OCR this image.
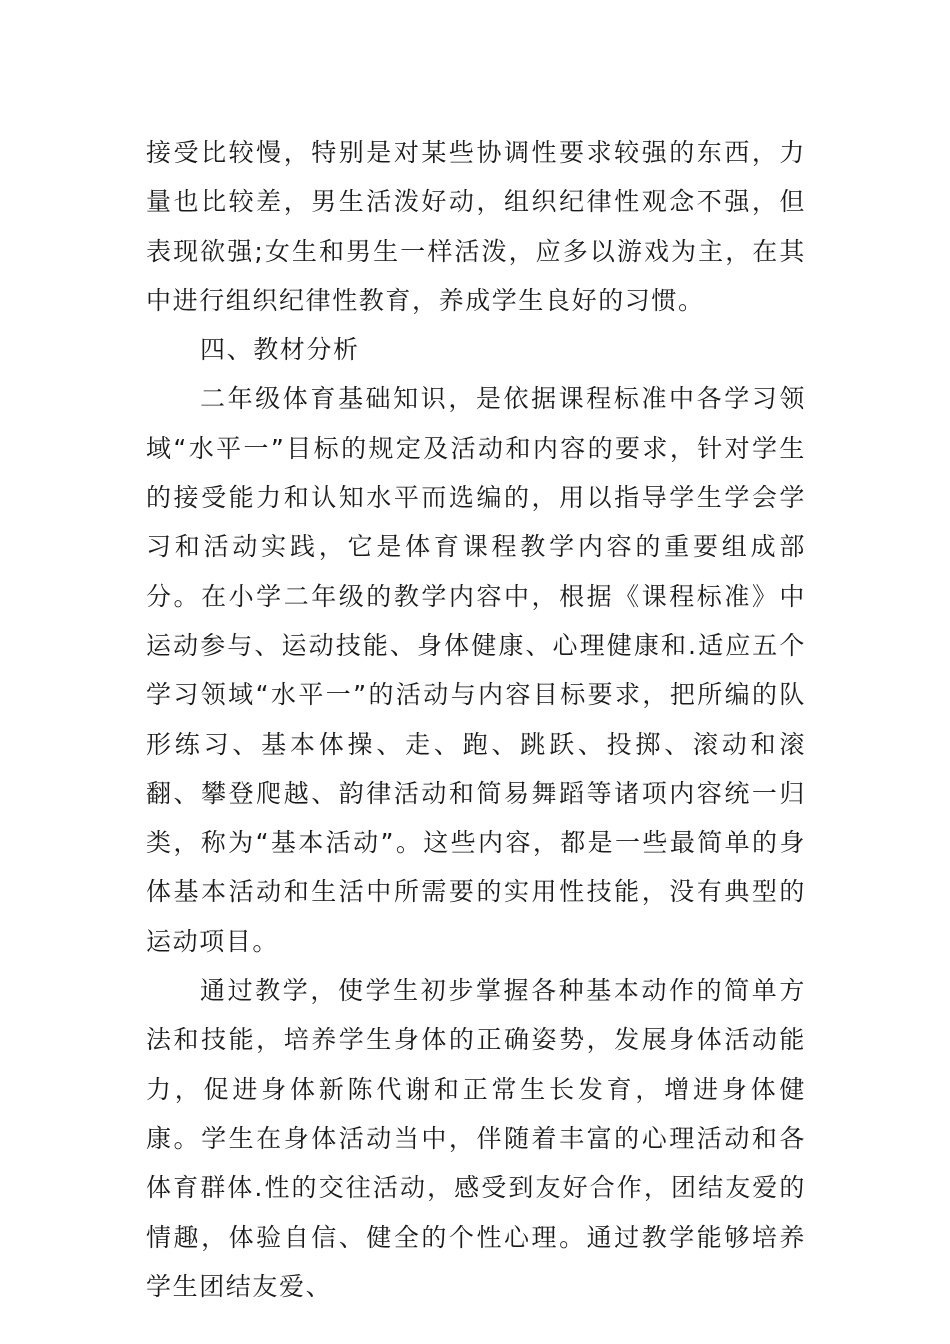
接受比较慢，特别是对某些协调性要求较强的东西，力量也比较差，男生活泼好动，组织纪律性观念不强，但表现欲强;女生和男生一样活泼，应多以游戏为主，在其中进行组织纪律性教育，养成学生良好的习惯。

四、教材分析

二年级体育基础知识，是依据课程标准中各学习领域“水平一”目标的规定及活动和内容的要求，针对学生的接受能力和认知水平而选编的，用以指导学生学会学习和活动实践，它是体育课程教学内容的重要组成部分。在小学二年级的教学内容中，根据《课程标准》中运动参与、运动技能、身体健康、心理健康和.适应五个学习领域“水平一”的活动与内容目标要求，把所编的队形练习、基本体操、走、跑、跳跃、投掷、滚动和滚翻、攀登爬越、韵律活动和简易舞蹈等诸项内容统一归类，称为“基本活动”。这些内容，都是一些最简单的身体基本活动和生活中所需要的实用性技能，没有典型的运动项目。

通过教学，使学生初步掌握各种基本动作的简单方法和技能，培养学生身体的正确姿势，发展身体活动能力，促进身体新陈代谢和正常生长发育，增进身体健康。学生在身体活动当中，伴随着丰富的心理活动和各体育群体.性的交往活动，感受到友好合作，团结友爱的情趣，体验自信、健全的个性心理。通过教学能够培养学生团结友爱、
